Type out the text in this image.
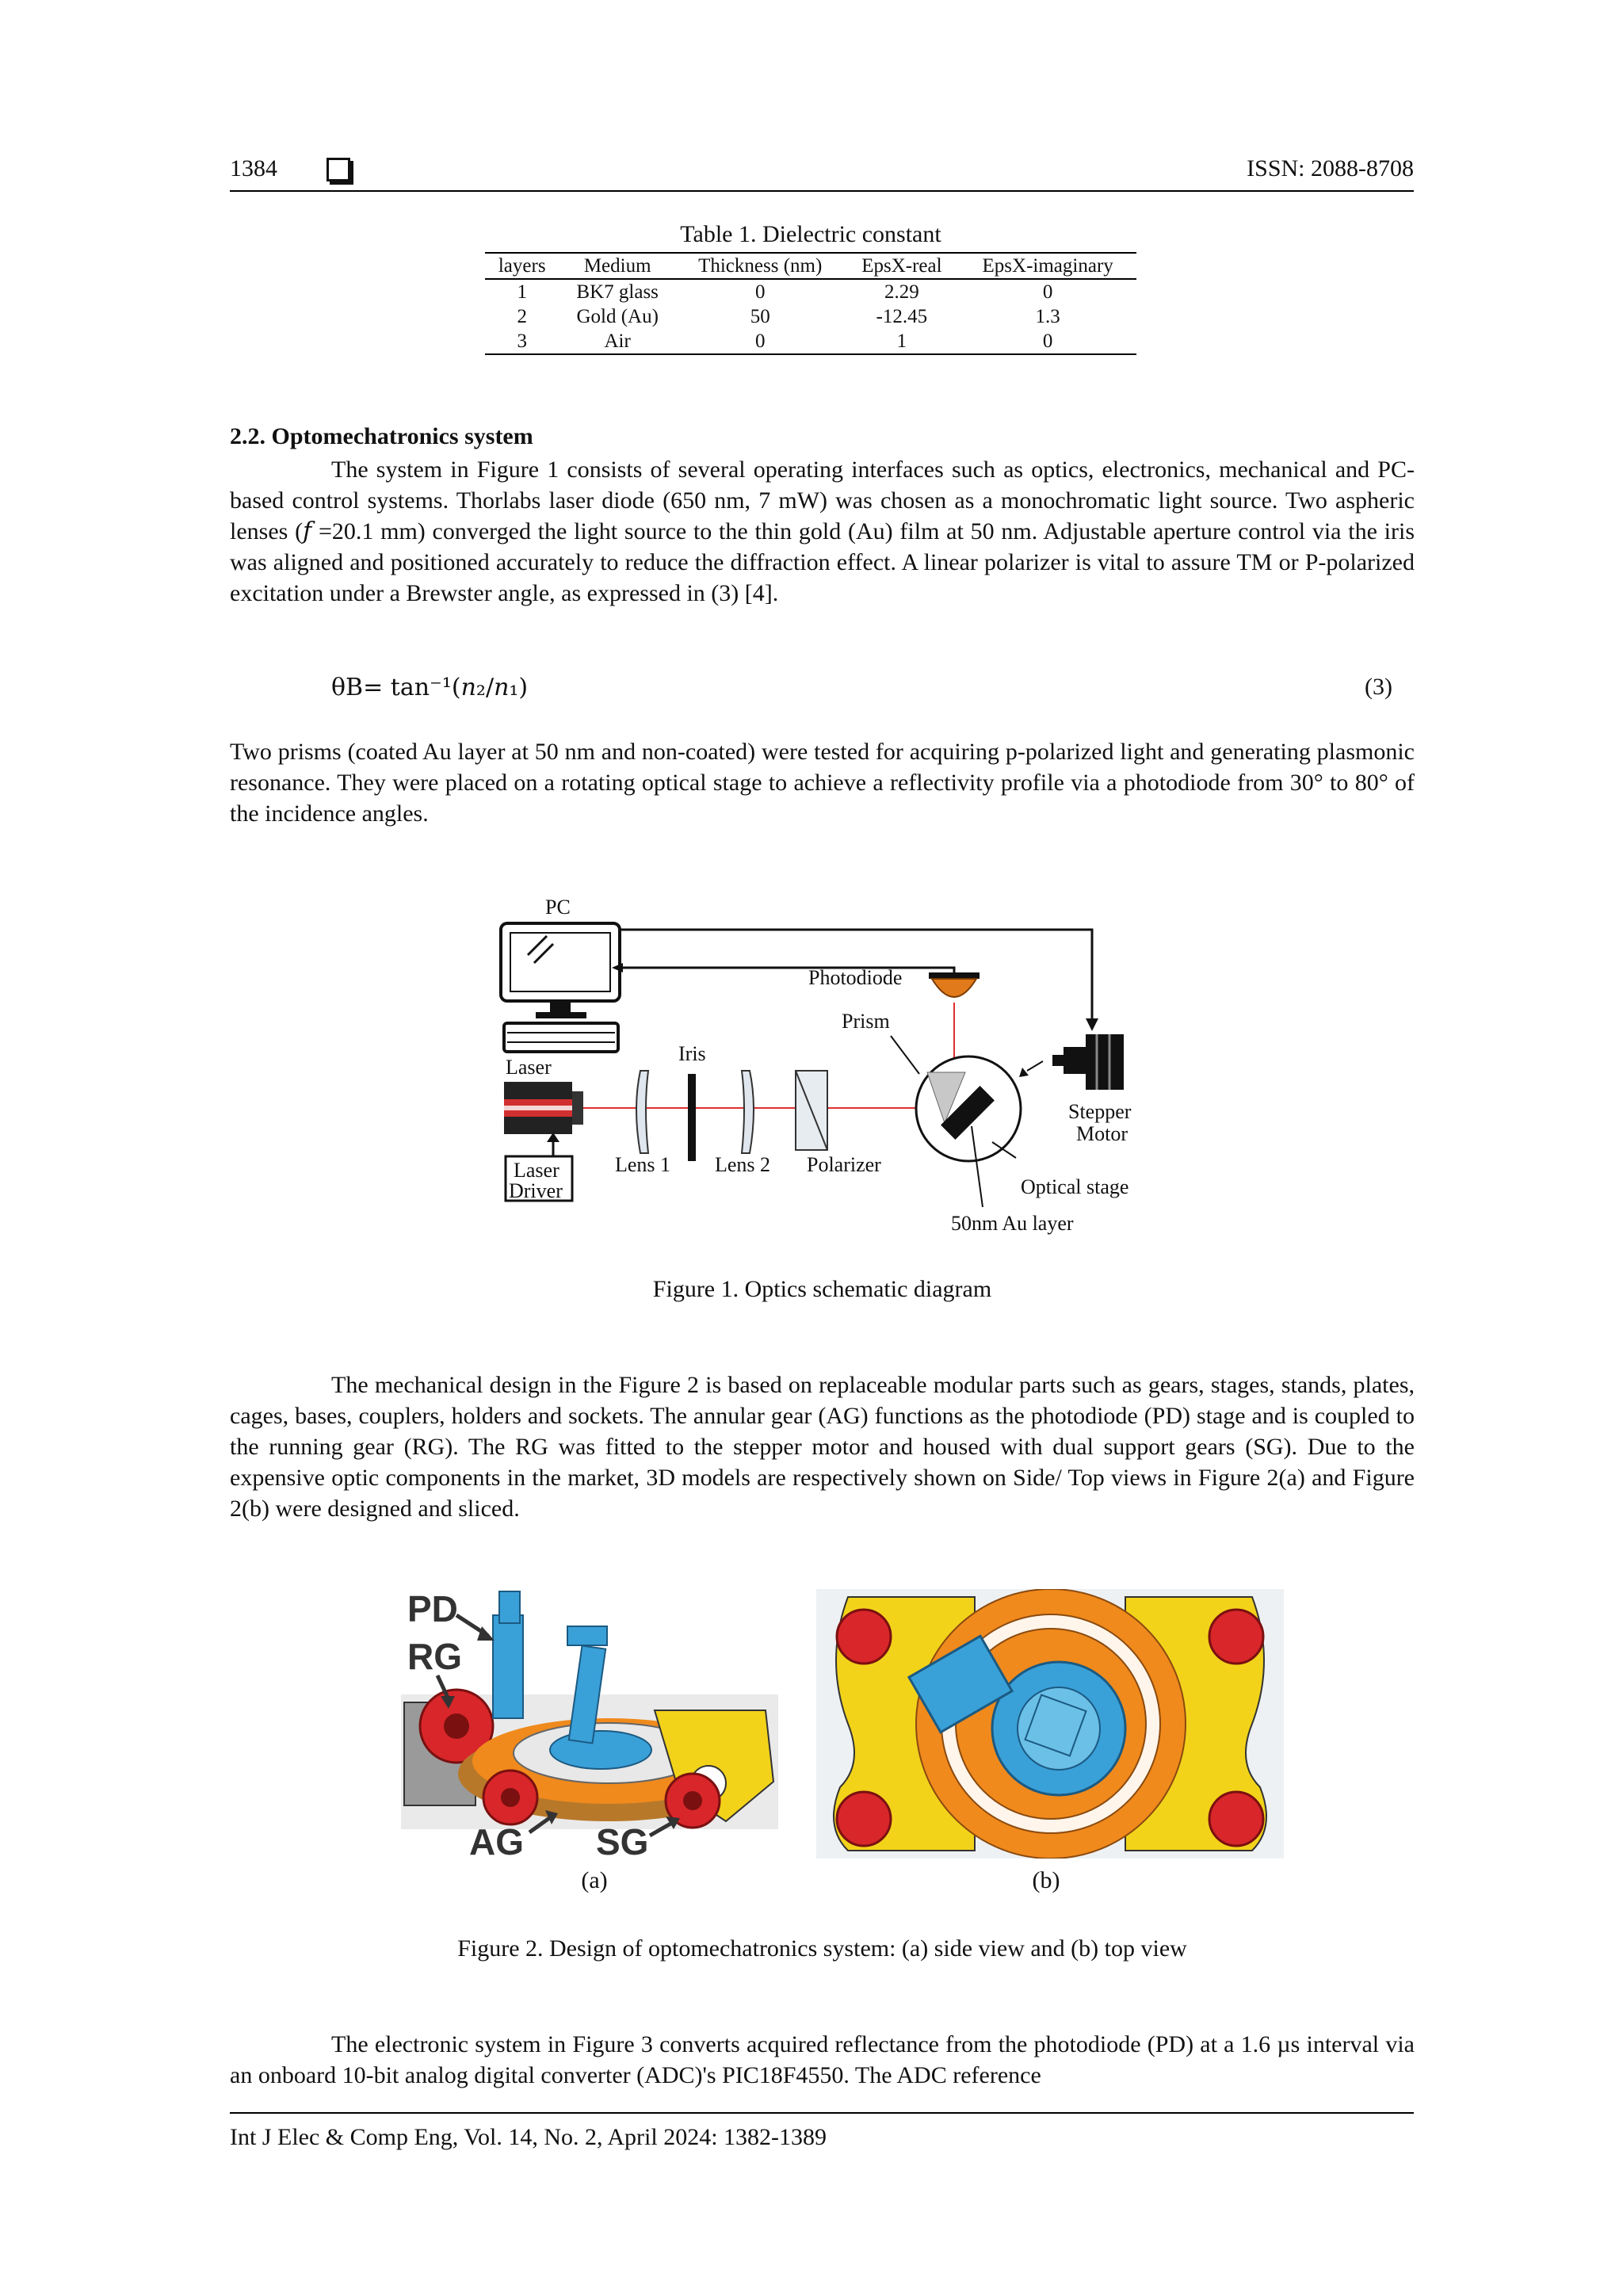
1384	ISSN: 2088-8708
Table 1. Dielectric constant
layers	Medium	Thickness (nm)	EpsX-real	EpsX-imaginary
1	BK7 glass	0	2.29	0
2	Gold (Au)	50	-12.45	1.3
3	Air	0	1	0
2.2. Optomechatronics system
The system in Figure 1 consists of several operating interfaces such as optics, electronics, mechanical and PC-based control systems. Thorlabs laser diode (650 nm, 7 mW) was chosen as a monochromatic light source. Two aspheric lenses (𝑓 =20.1 mm) converged the light source to the thin gold (Au) film at 50 nm. Adjustable aperture control via the iris was aligned and positioned accurately to reduce the diffraction effect. A linear polarizer is vital to assure TM or P-polarized excitation under a Brewster angle, as expressed in (3) [4].
θB= tan⁻¹(𝑛₂/𝑛₁)	(3)
Two prisms (coated Au layer at 50 nm and non-coated) were tested for acquiring p-polarized light and generating plasmonic resonance. They were placed on a rotating optical stage to achieve a reflectivity profile via a photodiode from 30° to 80° of the incidence angles.
PC
Photodiode
Prism
Iris
Laser
Stepper
Motor
Laser
Driver
Lens 1 Lens 2 Polarizer
Optical stage
50nm Au layer
Figure 1. Optics schematic diagram
The mechanical design in the Figure 2 is based on replaceable modular parts such as gears, stages, stands, plates, cages, bases, couplers, holders and sockets. The annular gear (AG) functions as the photodiode (PD) stage and is coupled to the running gear (RG). The RG was fitted to the stepper motor and housed with dual support gears (SG). Due to the expensive optic components in the market, 3D models are respectively shown on Side/ Top views in Figure 2(a) and Figure 2(b) were designed and sliced.
PD
RG
AG SG
(a)	(b)
Figure 2. Design of optomechatronics system: (a) side view and (b) top view
The electronic system in Figure 3 converts acquired reflectance from the photodiode (PD) at a 1.6 µs interval via an onboard 10-bit analog digital converter (ADC)'s PIC18F4550. The ADC reference
Int J Elec & Comp Eng, Vol. 14, No. 2, April 2024: 1382-1389
